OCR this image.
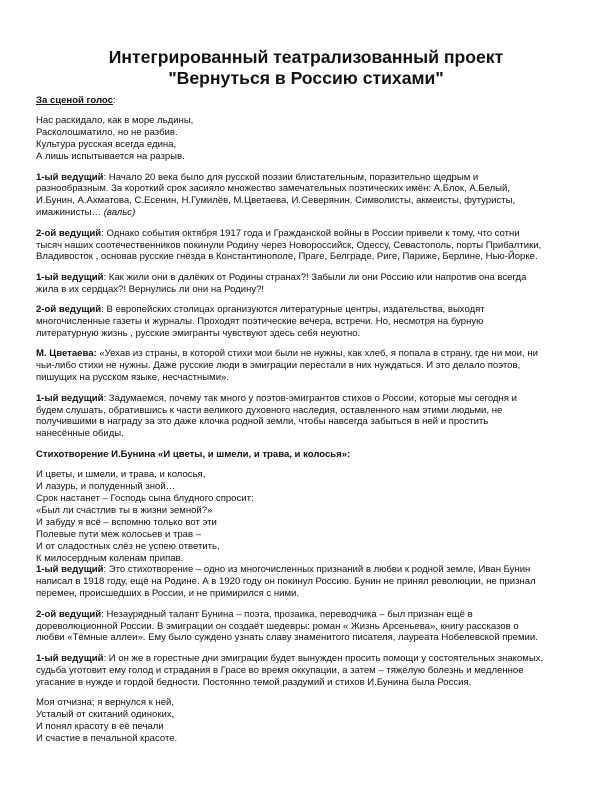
Интегрированный театрализованный проект
"Вернуться в Россию стихами"
За сценой голос:
Нас раскидало, как в море льдины,
Расколошматило, но не разбив.
Культура русская всегда едина,
А лишь испытывается на разрыв.
1-ый ведущий: Начало 20 века было для русской поэзии блистательным, поразительно щедрым и
разнообразным. За короткий срок засияло множество замечательных поэтических имён: А.Блок, А.Белый,
И.Бунин, А.Ахматова, С.Есенин, Н.Гумилёв, М.Цветаева, И.Северянин. Символисты, акмеисты, футуристы,
имажинисты… (вальс)
2-ой ведущий: Однако события октября 1917 года и Гражданской войны в России привели к тому, что сотни
тысяч наших соотечественников покинули Родину через Новороссийск, Одессу, Севастополь, порты Прибалтики,
Владивосток , основав русские гнёзда в Константинополе, Праге, Белграде, Риге, Париже, Берлине, Нью-Йорке.
1-ый ведущий: Как жили они в далёких от Родины странах?! Забыли ли они Россию или напротив она всегда
жила в их сердцах?! Вернулись ли они на Родину?!
2-ой ведущий: В европейских столицах организуются литературные центры, издательства, выходят
многочисленные газеты и журналы. Проходят поэтические вечера, встречи. Но, несмотря на бурную
литературную жизнь , русские эмигранты чувствуют здесь себя неуютно.
М. Цветаева: «Уехав из страны, в которой стихи мои были не нужны, как хлеб, я попала в страну, где ни мои, ни
чьи-либо стихи не нужны. Даже русские люди в эмиграции перестали в них нуждаться. И это делало поэтов,
пишущих на русском языке, несчастными».
1-ый ведущий: Задумаемся, почему так много у поэтов-эмигрантов стихов о России, которые мы сегодня и
будем слушать, обратившись к части великого духовного наследия, оставленного нам этими людьми, не
получившими в награду за это даже клочка родной земли, чтобы навсегда забыться в ней и простить
нанесённые обиды.
Стихотворение И.Бунина «И цветы, и шмели, и трава, и колосья»:
И цветы, и шмели, и трава, и колосья,
И лазурь, и полуденный зной…
Срок настанет – Господь сына блудного спросит:
«Был ли счастлив ты в жизни земной?»
И забуду я всё – вспомню только вот эти
Полевые пути меж колосьев и трав –
И от сладостных слёз не успею ответить,
К милосердным коленам припав.
1-ый ведущий: Это стихотворение – одно из многочисленных признаний в любви к родной земле, Иван Бунин
написал в 1918 году, ещё на Родине. А в 1920 году он покинул Россию. Бунин не принял революции, не признал
перемен, происшедших в России, и не примирился с ними.
2-ой ведущий: Незаурядный талант Бунина – поэта, прозаика, переводчика – был признан ещё в
дореволюционной России. В эмиграции он создаёт шедевры: роман « Жизнь Арсеньева», книгу рассказов о
любви «Тёмные аллеи». Ему было суждено узнать славу знаменитого писателя, лауреата Нобелевской премии.
1-ый ведущий: И он же в горестные дни эмиграции будет вынужден просить помощи у состоятельных знакомых,
судьба уготовит ему голод и страдания в Грасе во время оккупации, а затем – тяжёлую болезнь и медленное
угасание в нужде и гордой бедности. Постоянно темой раздумий и стихов И.Бунина была Россия.
Моя отчизна; я вернулся к ней,
Усталый от скитаний одиноких,
И понял красоту в её печали
И счастие в печальной красоте.
